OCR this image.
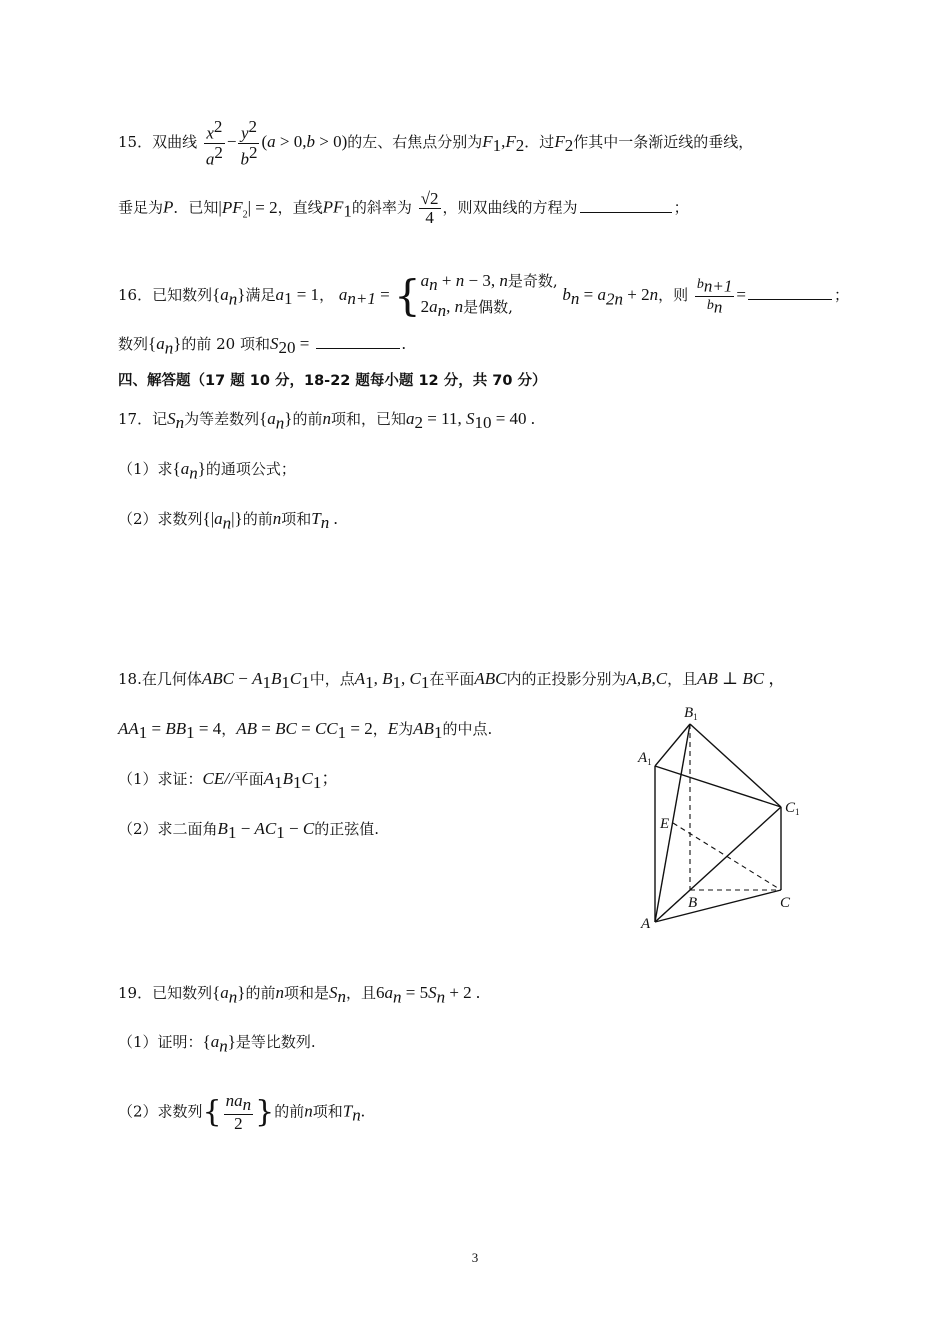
15．双曲线 $\frac{x^2}{a^2} - \frac{y^2}{b^2} (a > 0,b > 0)$的左、右焦点分别为$F_1,F_2$．过$F_2$作其中一条渐近线的垂线，
垂足为P．已知$|PF_2| = 2$，直线$PF_1$的斜率为 $\frac{√2}{4}$ ，则双曲线的方程为	；
16．已知数列$\{a_n\}$满足$a_1 = 1$， $a_{n+1}$ = { $a_n + n - 3$, n是奇数,
$2a_n$, n是偶数,
$b_n = a_{2n} + 2n$，则 $\frac{b_{n+1}}{b_n}$ =	；
数列$\{a_n\}$的前 20 项和$S_{20}$ =	.
四、解答题（17 题 10 分，18-22 题每小题 12 分，共 70 分）
17．记$S_n$为等差数列$\{a_n\}$的前n项和，已知$a_2 = 11$, $S_{10} = 40$ .
（1）求$\{a_n\}$的通项公式；
（2）求数列$\{|a_n|\}$的前n项和$T_n$ .
18.在几何体ABC − $A_1B_1C_1$中，点$A_1$, $B_1$, $C_1$在平面ABC内的正投影分别为A,B,C，且AB ⊥ BC ，
$AA_1 = BB_1 = 4$，AB = BC = $CC_1 = 2$，E为$AB_1$的中点.
（1）求证：CE//平面$A_1B_1C_1$；
（2）求二面角$B_1 - AC_1 - C$的正弦值.
$B_1$
$A_1$
$C_1$
E
B	C
A
19．已知数列$\{a_n\}$的前n项和是$S_n$，且$6a_n = 5S_n + 2$ .
（1）证明：$\{a_n\}$是等比数列.
（2）求数列{ $\frac{na_n}{2}$ }的前n项和$T_n$.
3
